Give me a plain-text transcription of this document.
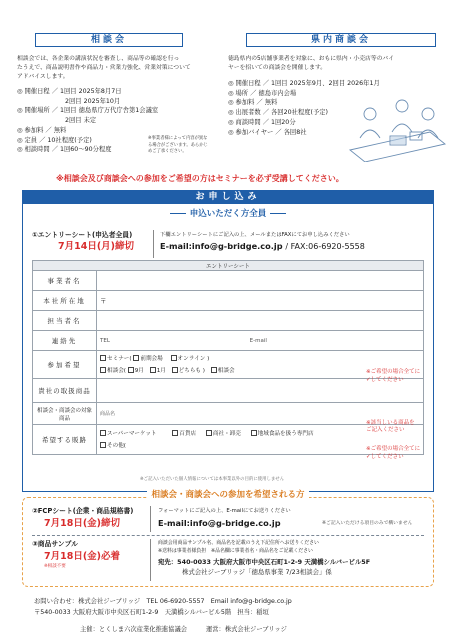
相談会
相談会では、各企業の講演状況を審査し、商品等の確認を行っ
たうえで、商品説明書作や商品力・営業力強化、営業対策について
アドバイスします。
◎ 開催日程 ／ 1回目 2025年8月7日
2回目 2025年10月
◎ 開催場所 ／ 1回目 徳島県庁万代庁舎第1会議室
2回目 未定
◎ 参加料 ／ 無料
◎ 定員 ／ 10社程度(予定)
◎ 相談時間 ／ 1回60〜90分程度
※事業者様によって内容が異な
る場合がございます。あらかじ
めご了承ください。
県内商談会
徳島県内の5店舗事業者を対象に、おもに県内・小売店等のバイ
ヤーを招いての商談会を開催します。
◎ 開催日程 ／ 1回目 2025年9月、2回目 2026年1月
◎ 場所 ／ 徳島市内会場
◎ 参加料 ／ 無料
◎ 出展者数 ／ 各回20社程度(予定)
◎ 商談時間 ／ 1回20分
◎ 参加バイヤー ／ 各回8社
※相談会及び商談会への参加をご希望の方はセミナーを必ず受講してください。
お申し込み
申込いただく方全員
①エントリーシート(申込者全員)
7月14日(月)締切
下欄エントリーシートにご記入の上、メールまたはFAXにてお申し込みください
E-mail:info@g-bridge.co.jp / FAX:06-6920-5558
エントリーシート	
事業者名	
本社所在地	〒
担当者名	
連絡先	TEL E-mail
参加希望	セミナー( 前期会場 オンライン )
相談会( 9月 1月 どちらも ) 相談会

貴社の取扱商品	
相談会・商談会の対象商品	商品名
希望する販路	スーパーマーケット 百貨店 商社・卸売 地域食品を扱う専門店
その他(
※ご希望の場合全てに
✓してください
※該当しいる商品をご記入ください
※ご希望の場合全てに
✓してください
※ご記入いただいた個人情報については本事業以外の目的に使用しません
相談会・商談会への参加を希望される方
②FCPシート(企業・商品規格書)
7月18日(金)締切
フォーマットにご記入の上、E-mailにてお送りください
E-mail:info@g-bridge.co.jp	※ご記入いただける項目のみで構いません
③商品サンプル
7月18日(金)必着
※相談不要
商談会用商品サンプル名、商品名を記載のうえ下記住所へお送りください
※送料は事業者様負担　※品名欄に事業者名・商品名をご記載ください
宛先：540-0033 大阪府大阪市中央区石町1-2-9 天満橋シルバービル5F
株式会社ジーブリッジ「徳島県事業 7/23相談会」係
お問い合わせ：株式会社ジーブリッジ　TEL 06-6920-5557　Email info@g-bridge.co.jp
〒540-0033 大阪府大阪市中央区石町1-2-9　天満橋シルバービル5階　担当：稲垣
主催：とくしま六次産業化推進協議会　　　運営：株式会社ジーブリッジ
